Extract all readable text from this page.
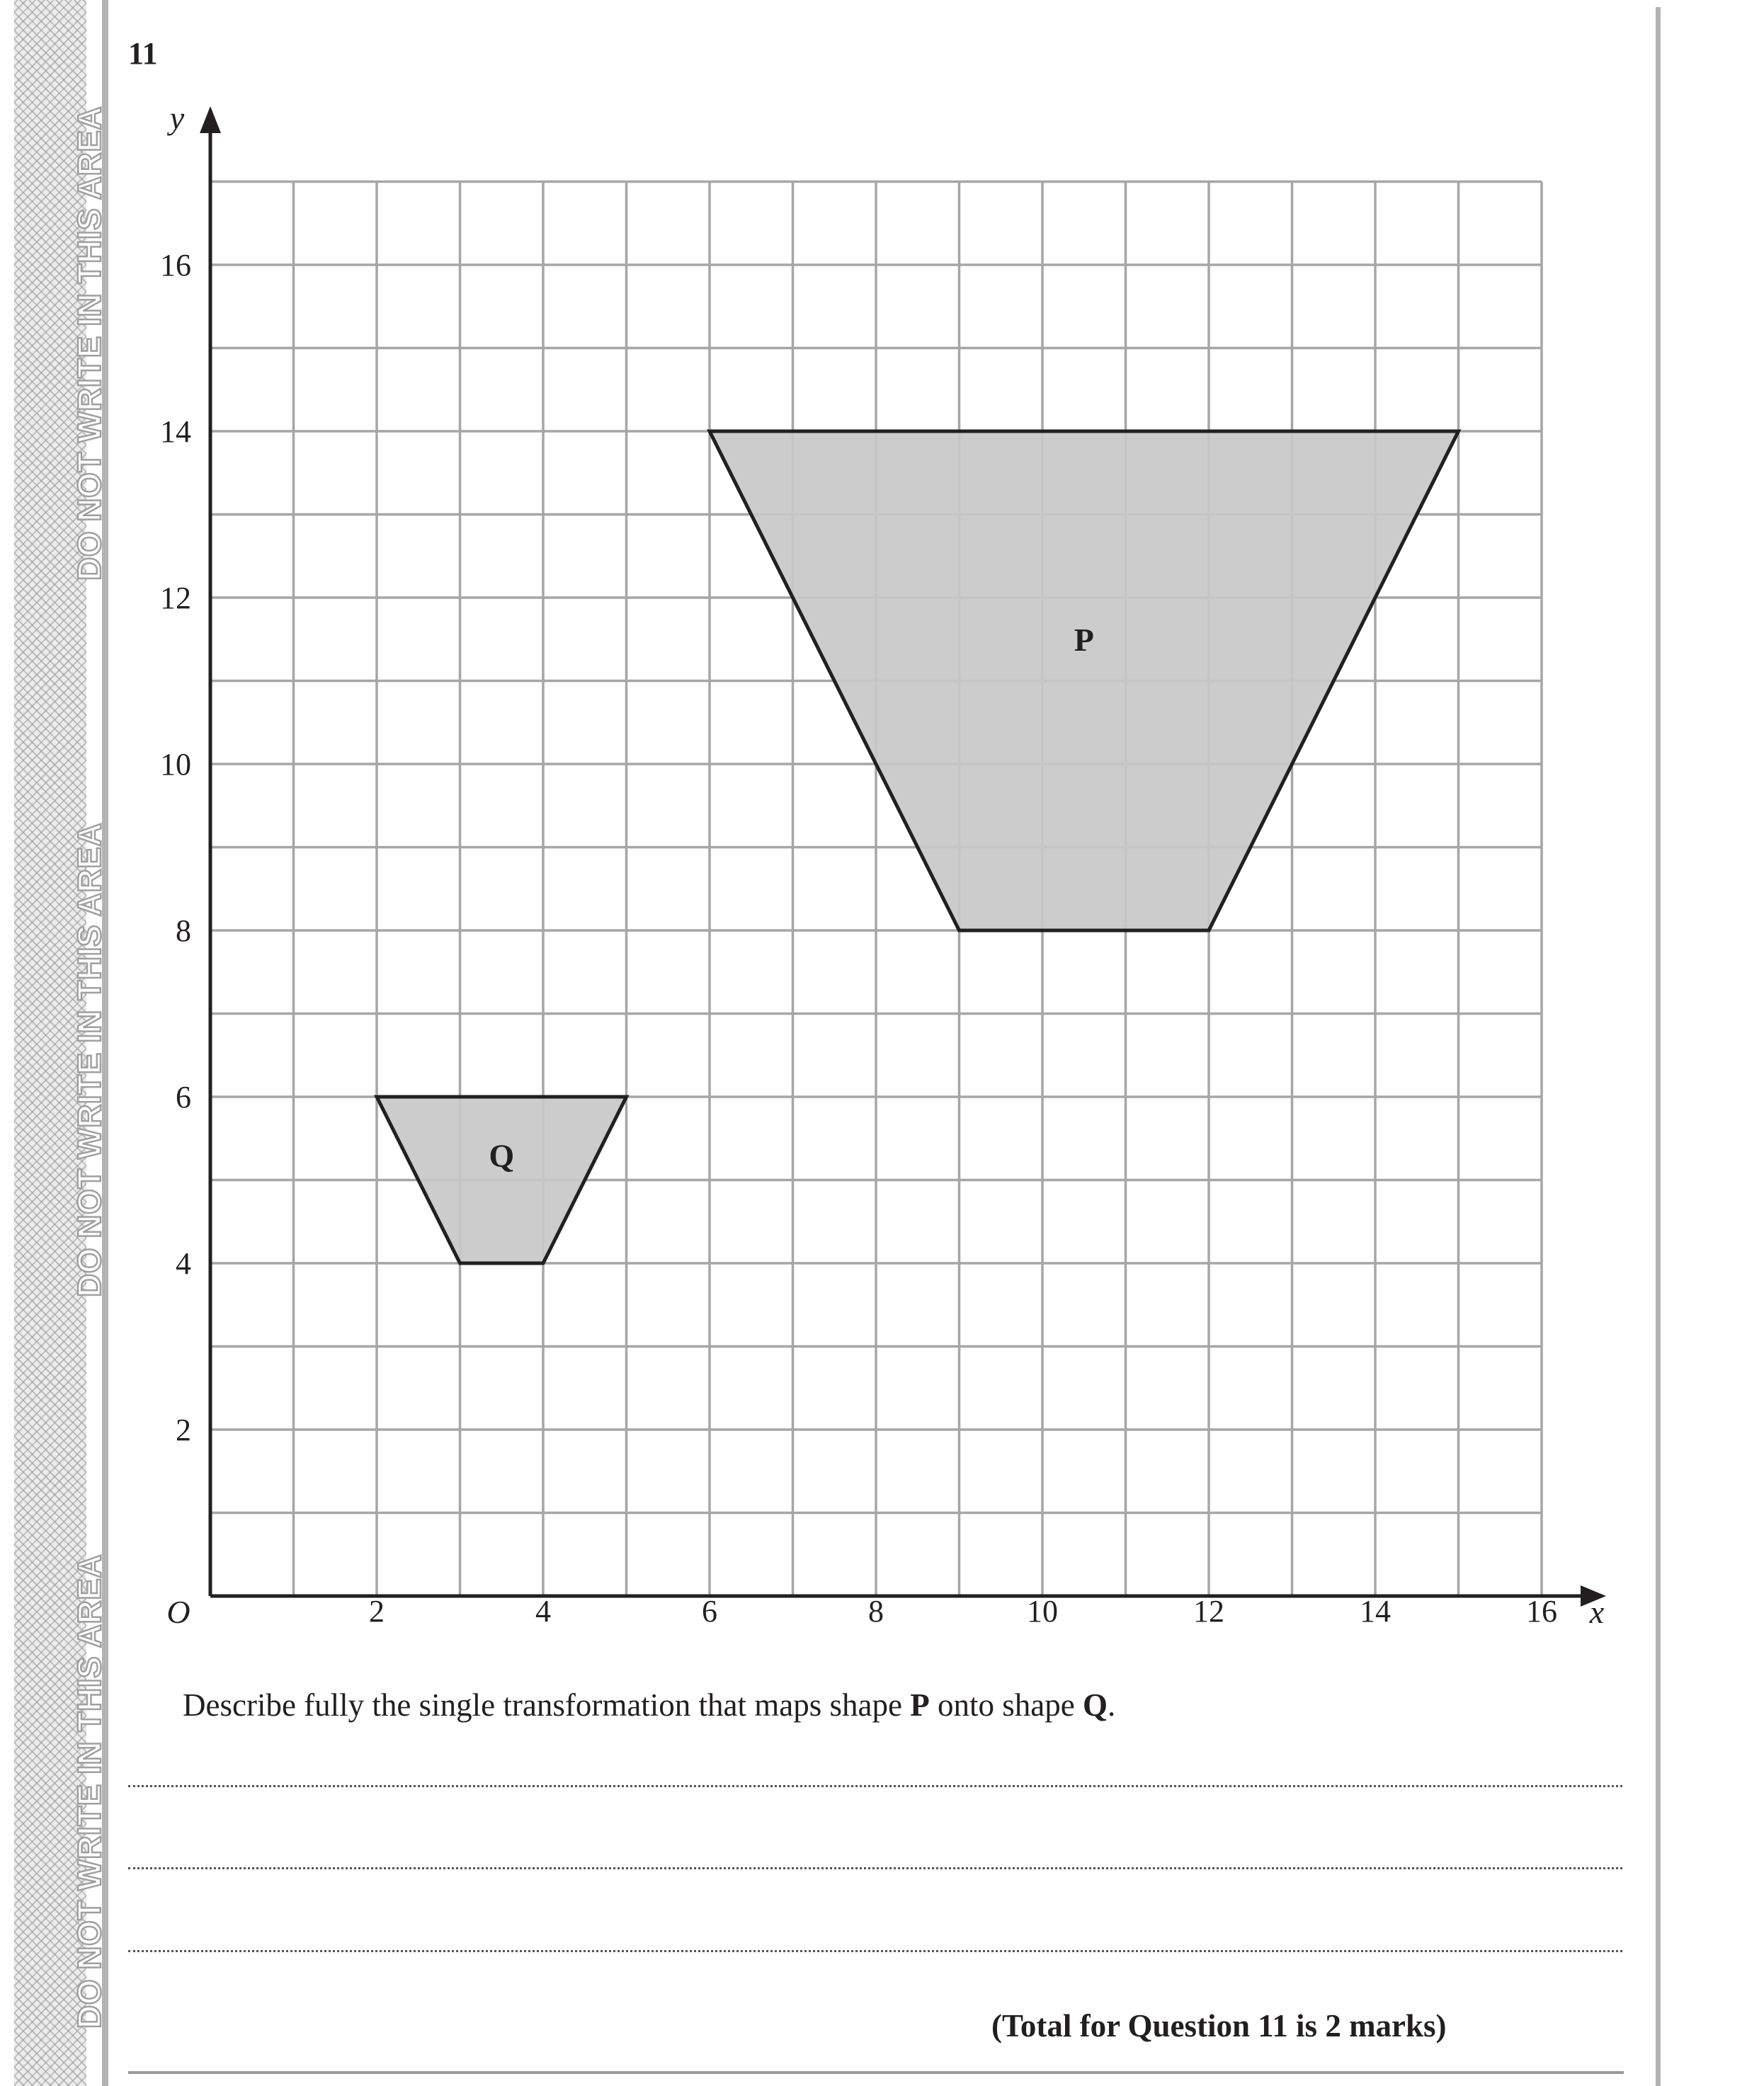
DO NOT WRITE IN THIS AREA
DO NOT WRITE IN THIS AREA
DO NOT WRITE IN THIS AREA
11
P
Q
2	4	6	8	10	12	14	16
2
4
6
8
10
12
14
16
O	x
y
Describe fully the single transformation that maps shape P onto shape Q.
(Total for Question 11 is 2 marks)
